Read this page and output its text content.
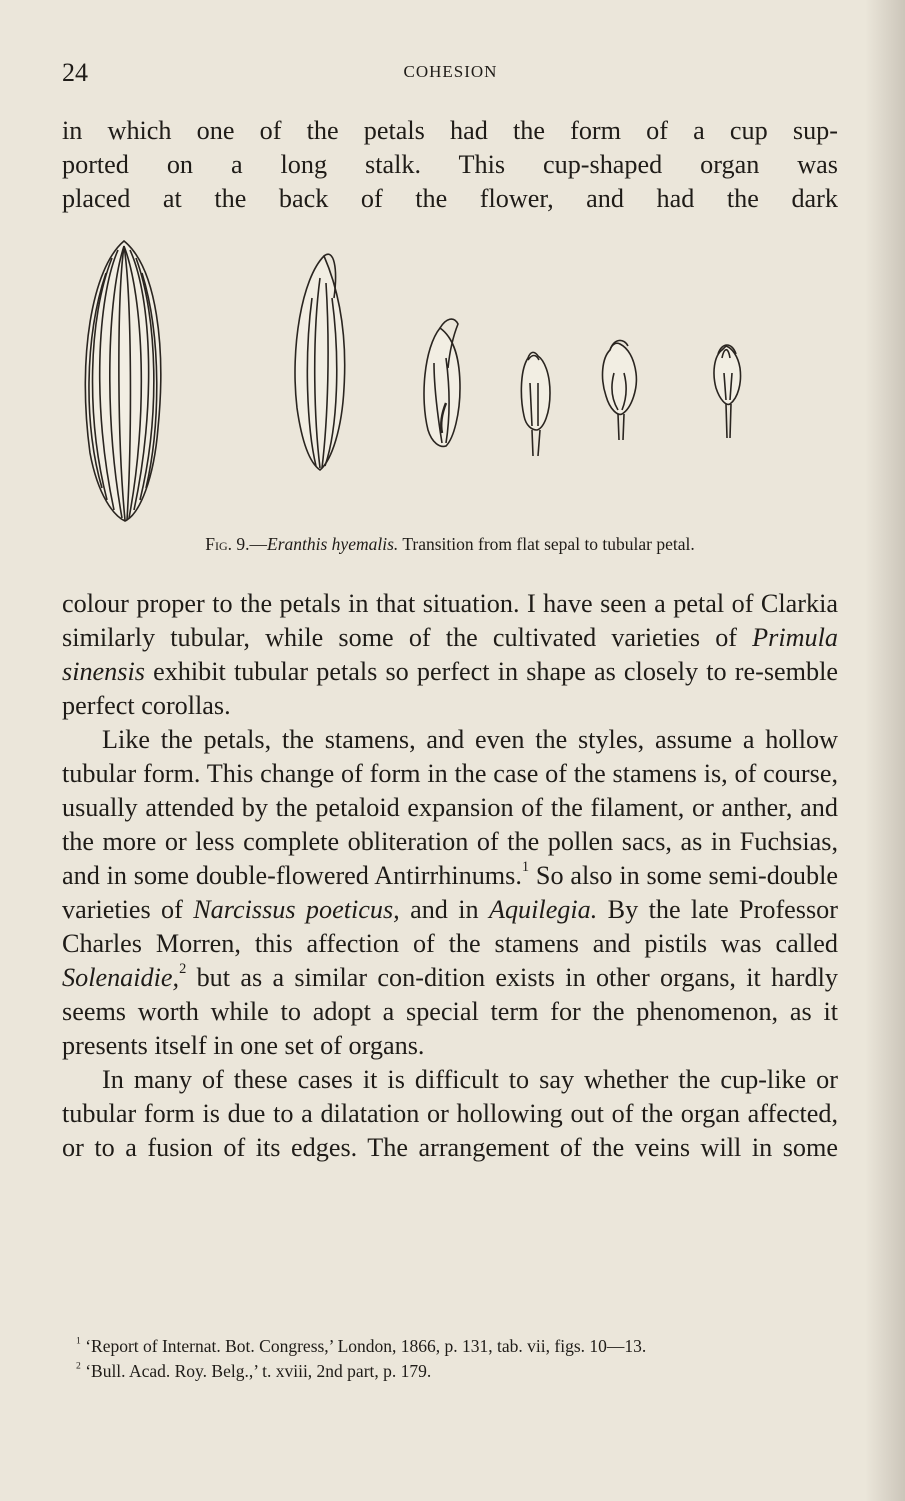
24	COHESION

in which one of the petals had the form of a cup sup-

ported on a long stalk. This cup-shaped organ was

placed at the back of the flower, and had the dark

Fig. 9.—Eranthis hyemalis. Transition from flat sepal to tubular petal.

colour proper to the petals in that situation. I have seen a petal of Clarkia similarly tubular, while some of the cultivated varieties of Primula sinensis exhibit tubular petals so perfect in shape as closely to re-semble perfect corollas.

Like the petals, the stamens, and even the styles, assume a hollow tubular form. This change of form in the case of the stamens is, of course, usually attended by the petaloid expansion of the filament, or anther, and the more or less complete obliteration of the pollen sacs, as in Fuchsias, and in some double-flowered Antirrhinums.$^1$ So also in some semi-double varieties of Narcissus poeticus, and in Aquilegia. By the late Professor Charles Morren, this affection of the stamens and pistils was called Solenaidie,$^2$ but as a similar con-dition exists in other organs, it hardly seems worth while to adopt a special term for the phenomenon, as it presents itself in one set of organs.

In many of these cases it is difficult to say whether the cup-like or tubular form is due to a dilatation or hollowing out of the organ affected, or to a fusion of its edges. The arrangement of the veins will in some

$^1$ ‘Report of Internat. Bot. Congress,’ London, 1866, p. 131, tab. vii, figs. 10—13.

$^2$ ‘Bull. Acad. Roy. Belg.,’ t. xviii, 2nd part, p. 179.
